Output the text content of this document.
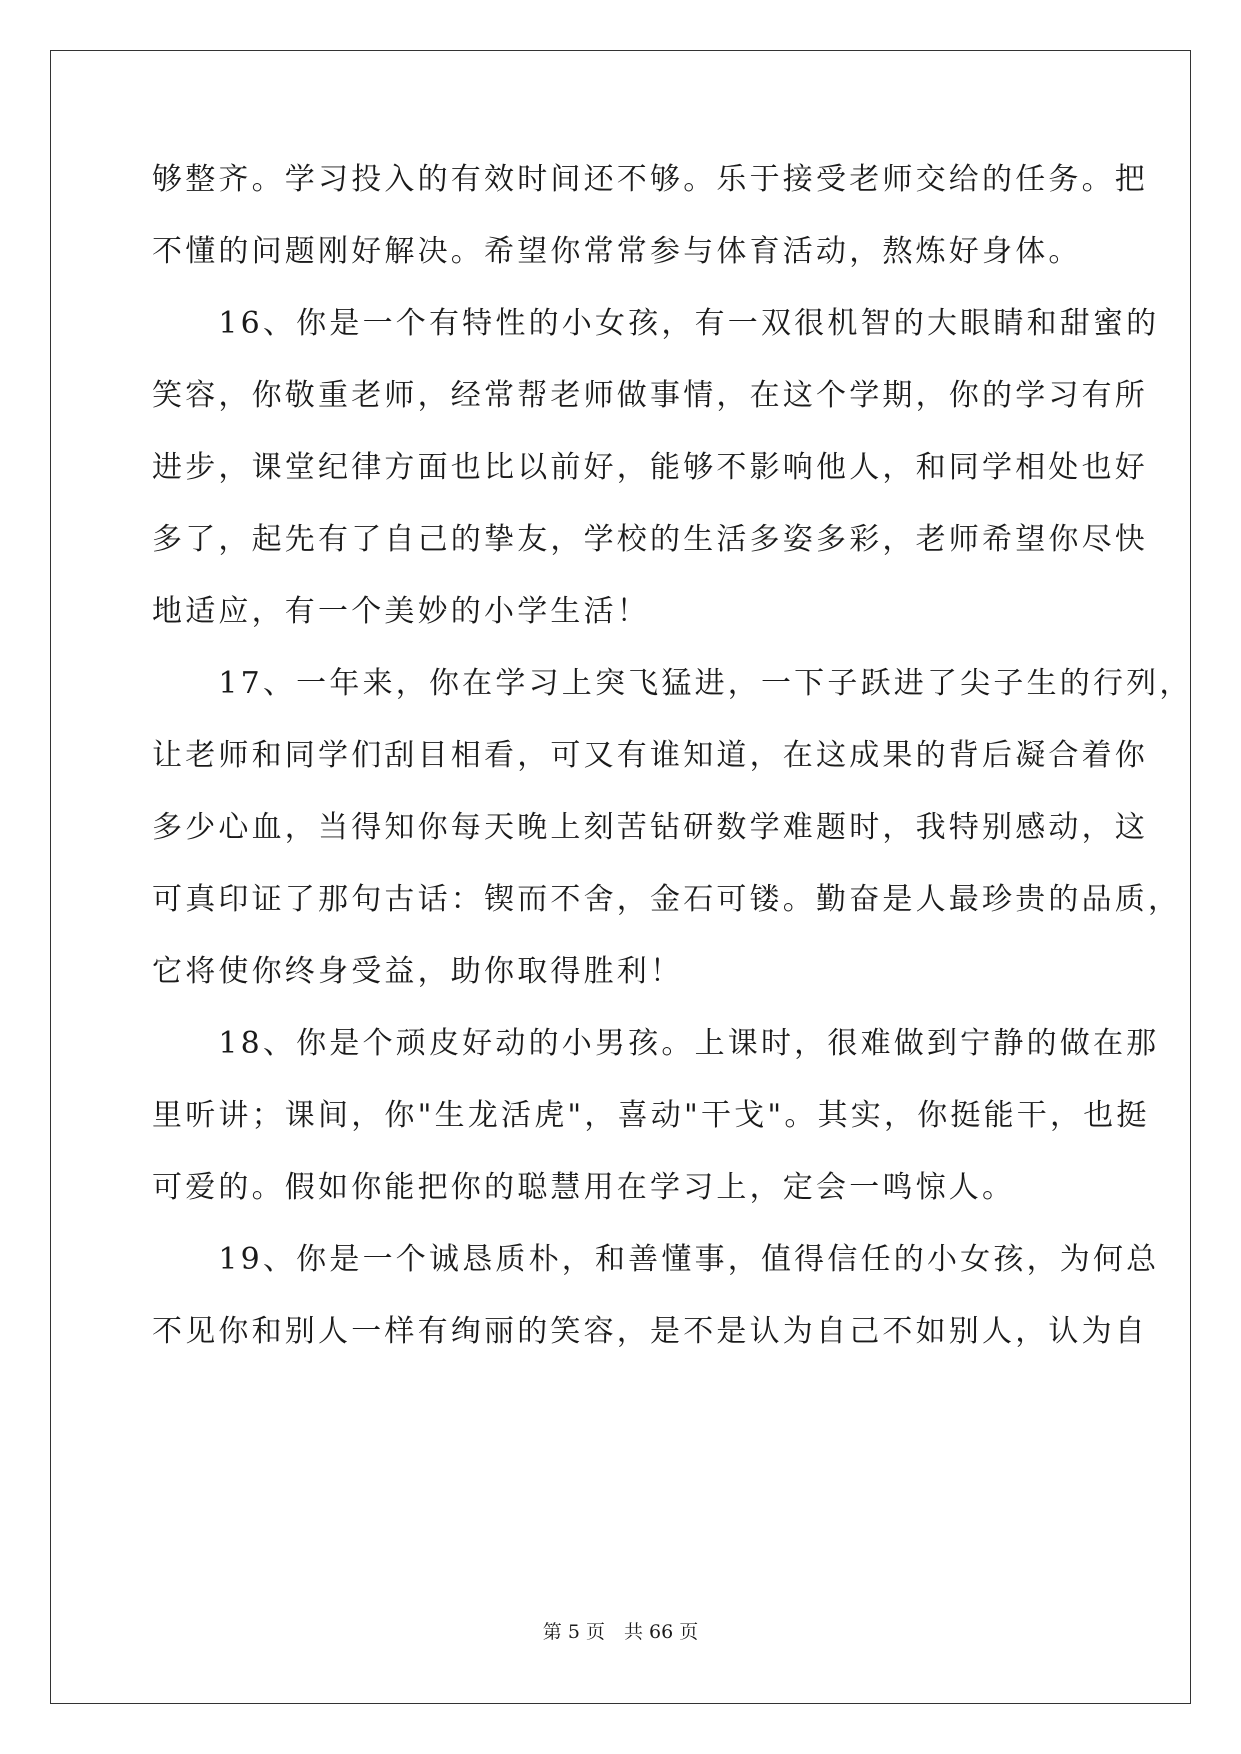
够整齐。学习投入的有效时间还不够。乐于接受老师交给的任务。把
不懂的问题刚好解决。希望你常常参与体育活动，熬炼好身体。
　　16、你是一个有特性的小女孩，有一双很机智的大眼睛和甜蜜的
笑容，你敬重老师，经常帮老师做事情，在这个学期，你的学习有所
进步，课堂纪律方面也比以前好，能够不影响他人，和同学相处也好
多了，起先有了自己的挚友，学校的生活多姿多彩，老师希望你尽快
地适应，有一个美妙的小学生活！
　　17、一年来，你在学习上突飞猛进，一下子跃进了尖子生的行列，
让老师和同学们刮目相看，可又有谁知道，在这成果的背后凝合着你
多少心血，当得知你每天晚上刻苦钻研数学难题时，我特别感动，这
可真印证了那句古话：锲而不舍，金石可镂。勤奋是人最珍贵的品质，
它将使你终身受益，助你取得胜利！
　　18、你是个顽皮好动的小男孩。上课时，很难做到宁静的做在那
里听讲；课间，你"生龙活虎"，喜动"干戈"。其实，你挺能干，也挺
可爱的。假如你能把你的聪慧用在学习上，定会一鸣惊人。
　　19、你是一个诚恳质朴，和善懂事，值得信任的小女孩，为何总
不见你和别人一样有绚丽的笑容，是不是认为自己不如别人，认为自
第 5 页　共 66 页
